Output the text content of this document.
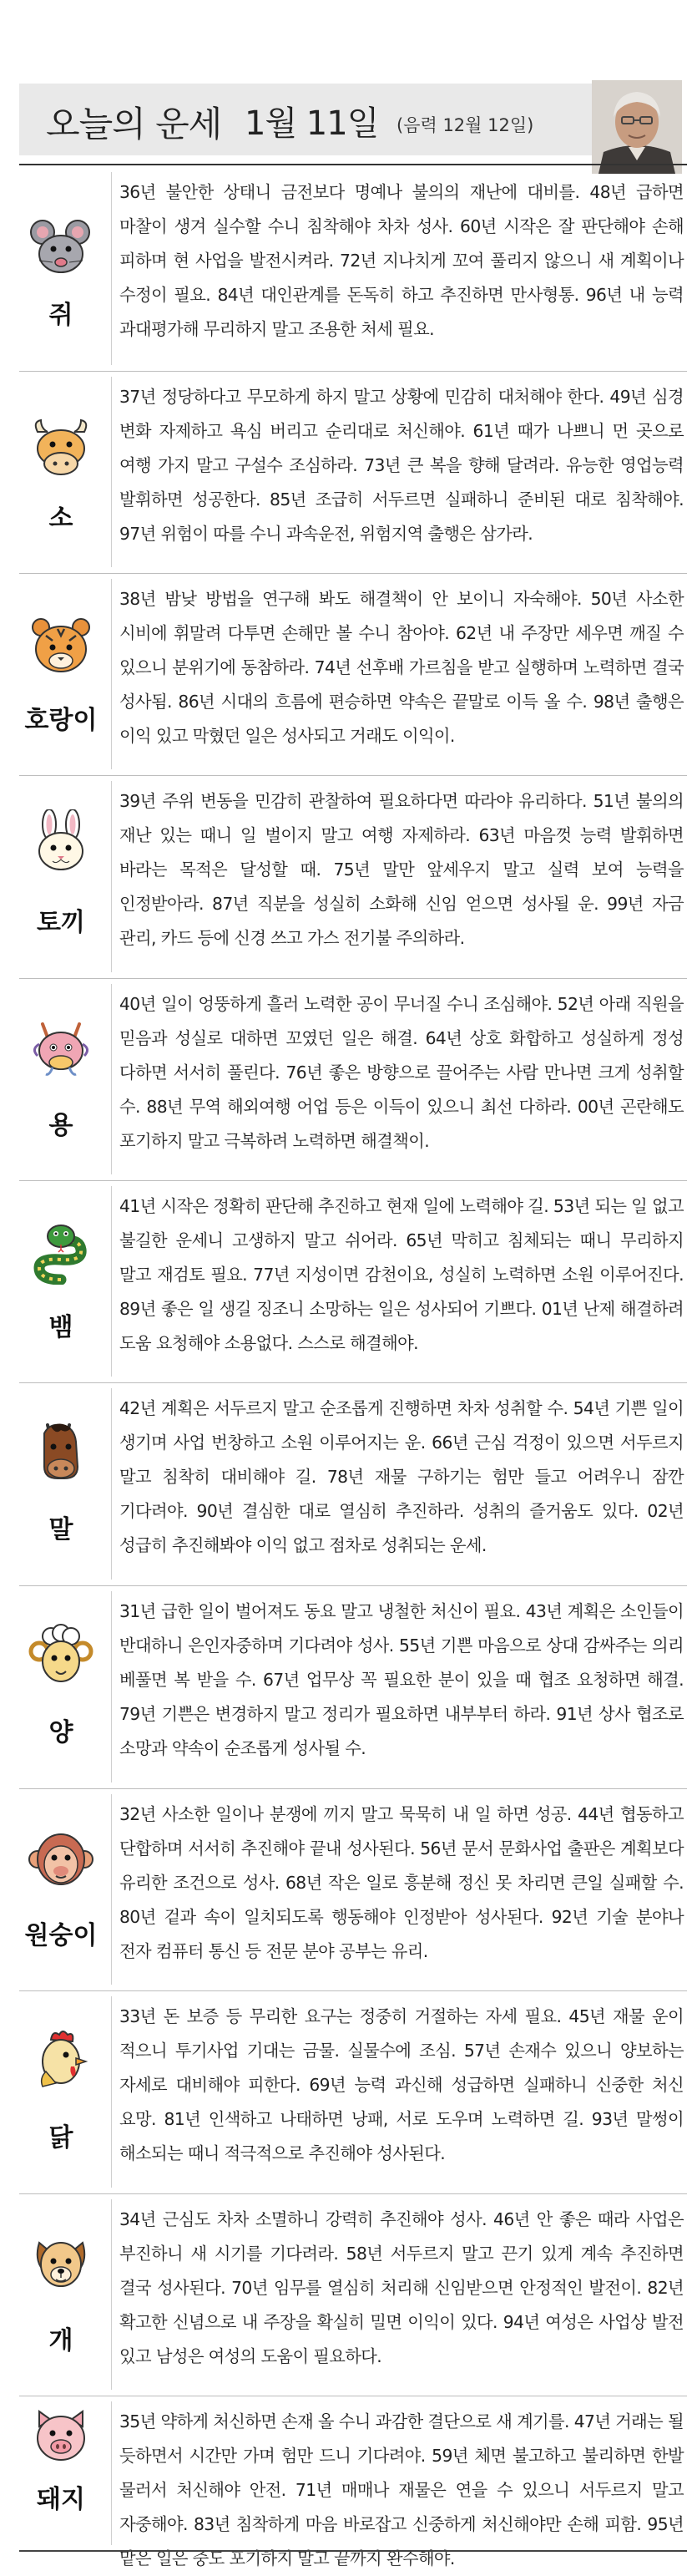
오늘의 운세 1월 11일 (음력 12월 12일)
쥐
36년 불안한 상태니 금전보다 명예나 불의의 재난에 대비를. 48년 급하면 마찰이 생겨 실수할 수니 침착해야 차차 성사. 60년 시작은 잘 판단해야 손해 피하며 현 사업을 발전시켜라. 72년 지나치게 꼬여 풀리지 않으니 새 계획이나 수정이 필요. 84년 대인관계를 돈독히 하고 추진하면 만사형통. 96년 내 능력 과대평가해 무리하지 말고 조용한 처세 필요.
소
37년 정당하다고 무모하게 하지 말고 상황에 민감히 대처해야 한다. 49년 심경 변화 자제하고 욕심 버리고 순리대로 처신해야. 61년 때가 나쁘니 먼 곳으로 여행 가지 말고 구설수 조심하라. 73년 큰 복을 향해 달려라. 유능한 영업능력 발휘하면 성공한다. 85년 조급히 서두르면 실패하니 준비된 대로 침착해야. 97년 위험이 따를 수니 과속운전, 위험지역 출행은 삼가라.
호랑이
38년 밤낮 방법을 연구해 봐도 해결책이 안 보이니 자숙해야. 50년 사소한 시비에 휘말려 다투면 손해만 볼 수니 참아야. 62년 내 주장만 세우면 깨질 수 있으니 분위기에 동참하라. 74년 선후배 가르침을 받고 실행하며 노력하면 결국 성사됨. 86년 시대의 흐름에 편승하면 약속은 끝말로 이득 올 수. 98년 출행은 이익 있고 막혔던 일은 성사되고 거래도 이익이.
토끼
39년 주위 변동을 민감히 관찰하여 필요하다면 따라야 유리하다. 51년 불의의 재난 있는 때니 일 벌이지 말고 여행 자제하라. 63년 마음껏 능력 발휘하면 바라는 목적은 달성할 때. 75년 말만 앞세우지 말고 실력 보여 능력을 인정받아라. 87년 직분을 성실히 소화해 신임 얻으면 성사될 운. 99년 자금 관리, 카드 등에 신경 쓰고 가스 전기불 주의하라.
용
40년 일이 엉뚱하게 흘러 노력한 공이 무너질 수니 조심해야. 52년 아래 직원을 믿음과 성실로 대하면 꼬였던 일은 해결. 64년 상호 화합하고 성실하게 정성 다하면 서서히 풀린다. 76년 좋은 방향으로 끌어주는 사람 만나면 크게 성취할 수. 88년 무역 해외여행 어업 등은 이득이 있으니 최선 다하라. 00년 곤란해도 포기하지 말고 극복하려 노력하면 해결책이.
뱀
41년 시작은 정확히 판단해 추진하고 현재 일에 노력해야 길. 53년 되는 일 없고 불길한 운세니 고생하지 말고 쉬어라. 65년 막히고 침체되는 때니 무리하지 말고 재검토 필요. 77년 지성이면 감천이요, 성실히 노력하면 소원 이루어진다. 89년 좋은 일 생길 징조니 소망하는 일은 성사되어 기쁘다. 01년 난제 해결하려 도움 요청해야 소용없다. 스스로 해결해야.
말
42년 계획은 서두르지 말고 순조롭게 진행하면 차차 성취할 수. 54년 기쁜 일이 생기며 사업 번창하고 소원 이루어지는 운. 66년 근심 걱정이 있으면 서두르지 말고 침착히 대비해야 길. 78년 재물 구하기는 험만 들고 어려우니 잠깐 기다려야. 90년 결심한 대로 열심히 추진하라. 성취의 즐거움도 있다. 02년 성급히 추진해봐야 이익 없고 점차로 성취되는 운세.
양
31년 급한 일이 벌어져도 동요 말고 냉철한 처신이 필요. 43년 계획은 소인들이 반대하니 은인자중하며 기다려야 성사. 55년 기쁜 마음으로 상대 감싸주는 의리 베풀면 복 받을 수. 67년 업무상 꼭 필요한 분이 있을 때 협조 요청하면 해결. 79년 기쁜은 변경하지 말고 정리가 필요하면 내부부터 하라. 91년 상사 협조로 소망과 약속이 순조롭게 성사될 수.
원숭이
32년 사소한 일이나 분쟁에 끼지 말고 묵묵히 내 일 하면 성공. 44년 협동하고 단합하며 서서히 추진해야 끝내 성사된다. 56년 문서 문화사업 출판은 계획보다 유리한 조건으로 성사. 68년 작은 일로 흥분해 정신 못 차리면 큰일 실패할 수. 80년 겉과 속이 일치되도록 행동해야 인정받아 성사된다. 92년 기술 분야나 전자 컴퓨터 통신 등 전문 분야 공부는 유리.
닭
33년 돈 보증 등 무리한 요구는 정중히 거절하는 자세 필요. 45년 재물 운이 적으니 투기사업 기대는 금물. 실물수에 조심. 57년 손재수 있으니 양보하는 자세로 대비해야 피한다. 69년 능력 과신해 성급하면 실패하니 신중한 처신 요망. 81년 인색하고 나태하면 낭패, 서로 도우며 노력하면 길. 93년 말썽이 해소되는 때니 적극적으로 추진해야 성사된다.
개
34년 근심도 차차 소멸하니 강력히 추진해야 성사. 46년 안 좋은 때라 사업은 부진하니 새 시기를 기다려라. 58년 서두르지 말고 끈기 있게 계속 추진하면 결국 성사된다. 70년 임무를 열심히 처리해 신임받으면 안정적인 발전이. 82년 확고한 신념으로 내 주장을 확실히 밀면 이익이 있다. 94년 여성은 사업상 발전 있고 남성은 여성의 도움이 필요하다.
돼지
35년 약하게 처신하면 손재 올 수니 과감한 결단으로 새 계기를. 47년 거래는 될 듯하면서 시간만 가며 험만 드니 기다려야. 59년 체면 불고하고 불리하면 한발 물러서 처신해야 안전. 71년 매매나 재물은 연을 수 있으니 서두르지 말고 자중해야. 83년 침착하게 마음 바로잡고 신중하게 처신해야만 손해 피함. 95년 맡은 일은 중도 포기하지 말고 끝까지 완수해야.
